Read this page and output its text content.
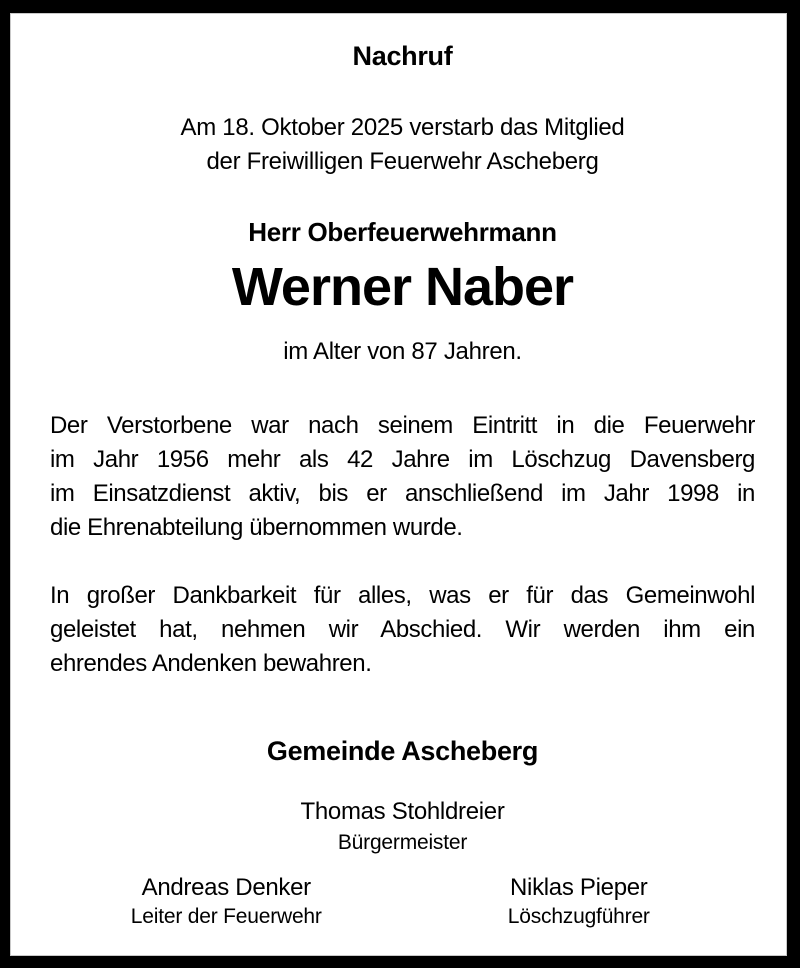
Nachruf
Am 18. Oktober 2025 verstarb das Mitglied
der Freiwilligen Feuerwehr Ascheberg
Herr Oberfeuerwehrmann
Werner Naber
im Alter von 87 Jahren.
Der Verstorbene war nach seinem Eintritt in die Feuerwehr
im Jahr 1956 mehr als 42 Jahre im Löschzug Davensberg
im Einsatzdienst aktiv, bis er anschließend im Jahr 1998 in
die Ehrenabteilung übernommen wurde.
In großer Dankbarkeit für alles, was er für das Gemeinwohl
geleistet hat, nehmen wir Abschied. Wir werden ihm ein
ehrendes Andenken bewahren.
Gemeinde Ascheberg
Thomas Stohldreier
Bürgermeister
Andreas Denker
Leiter der Feuerwehr
Niklas Pieper
Löschzugführer
